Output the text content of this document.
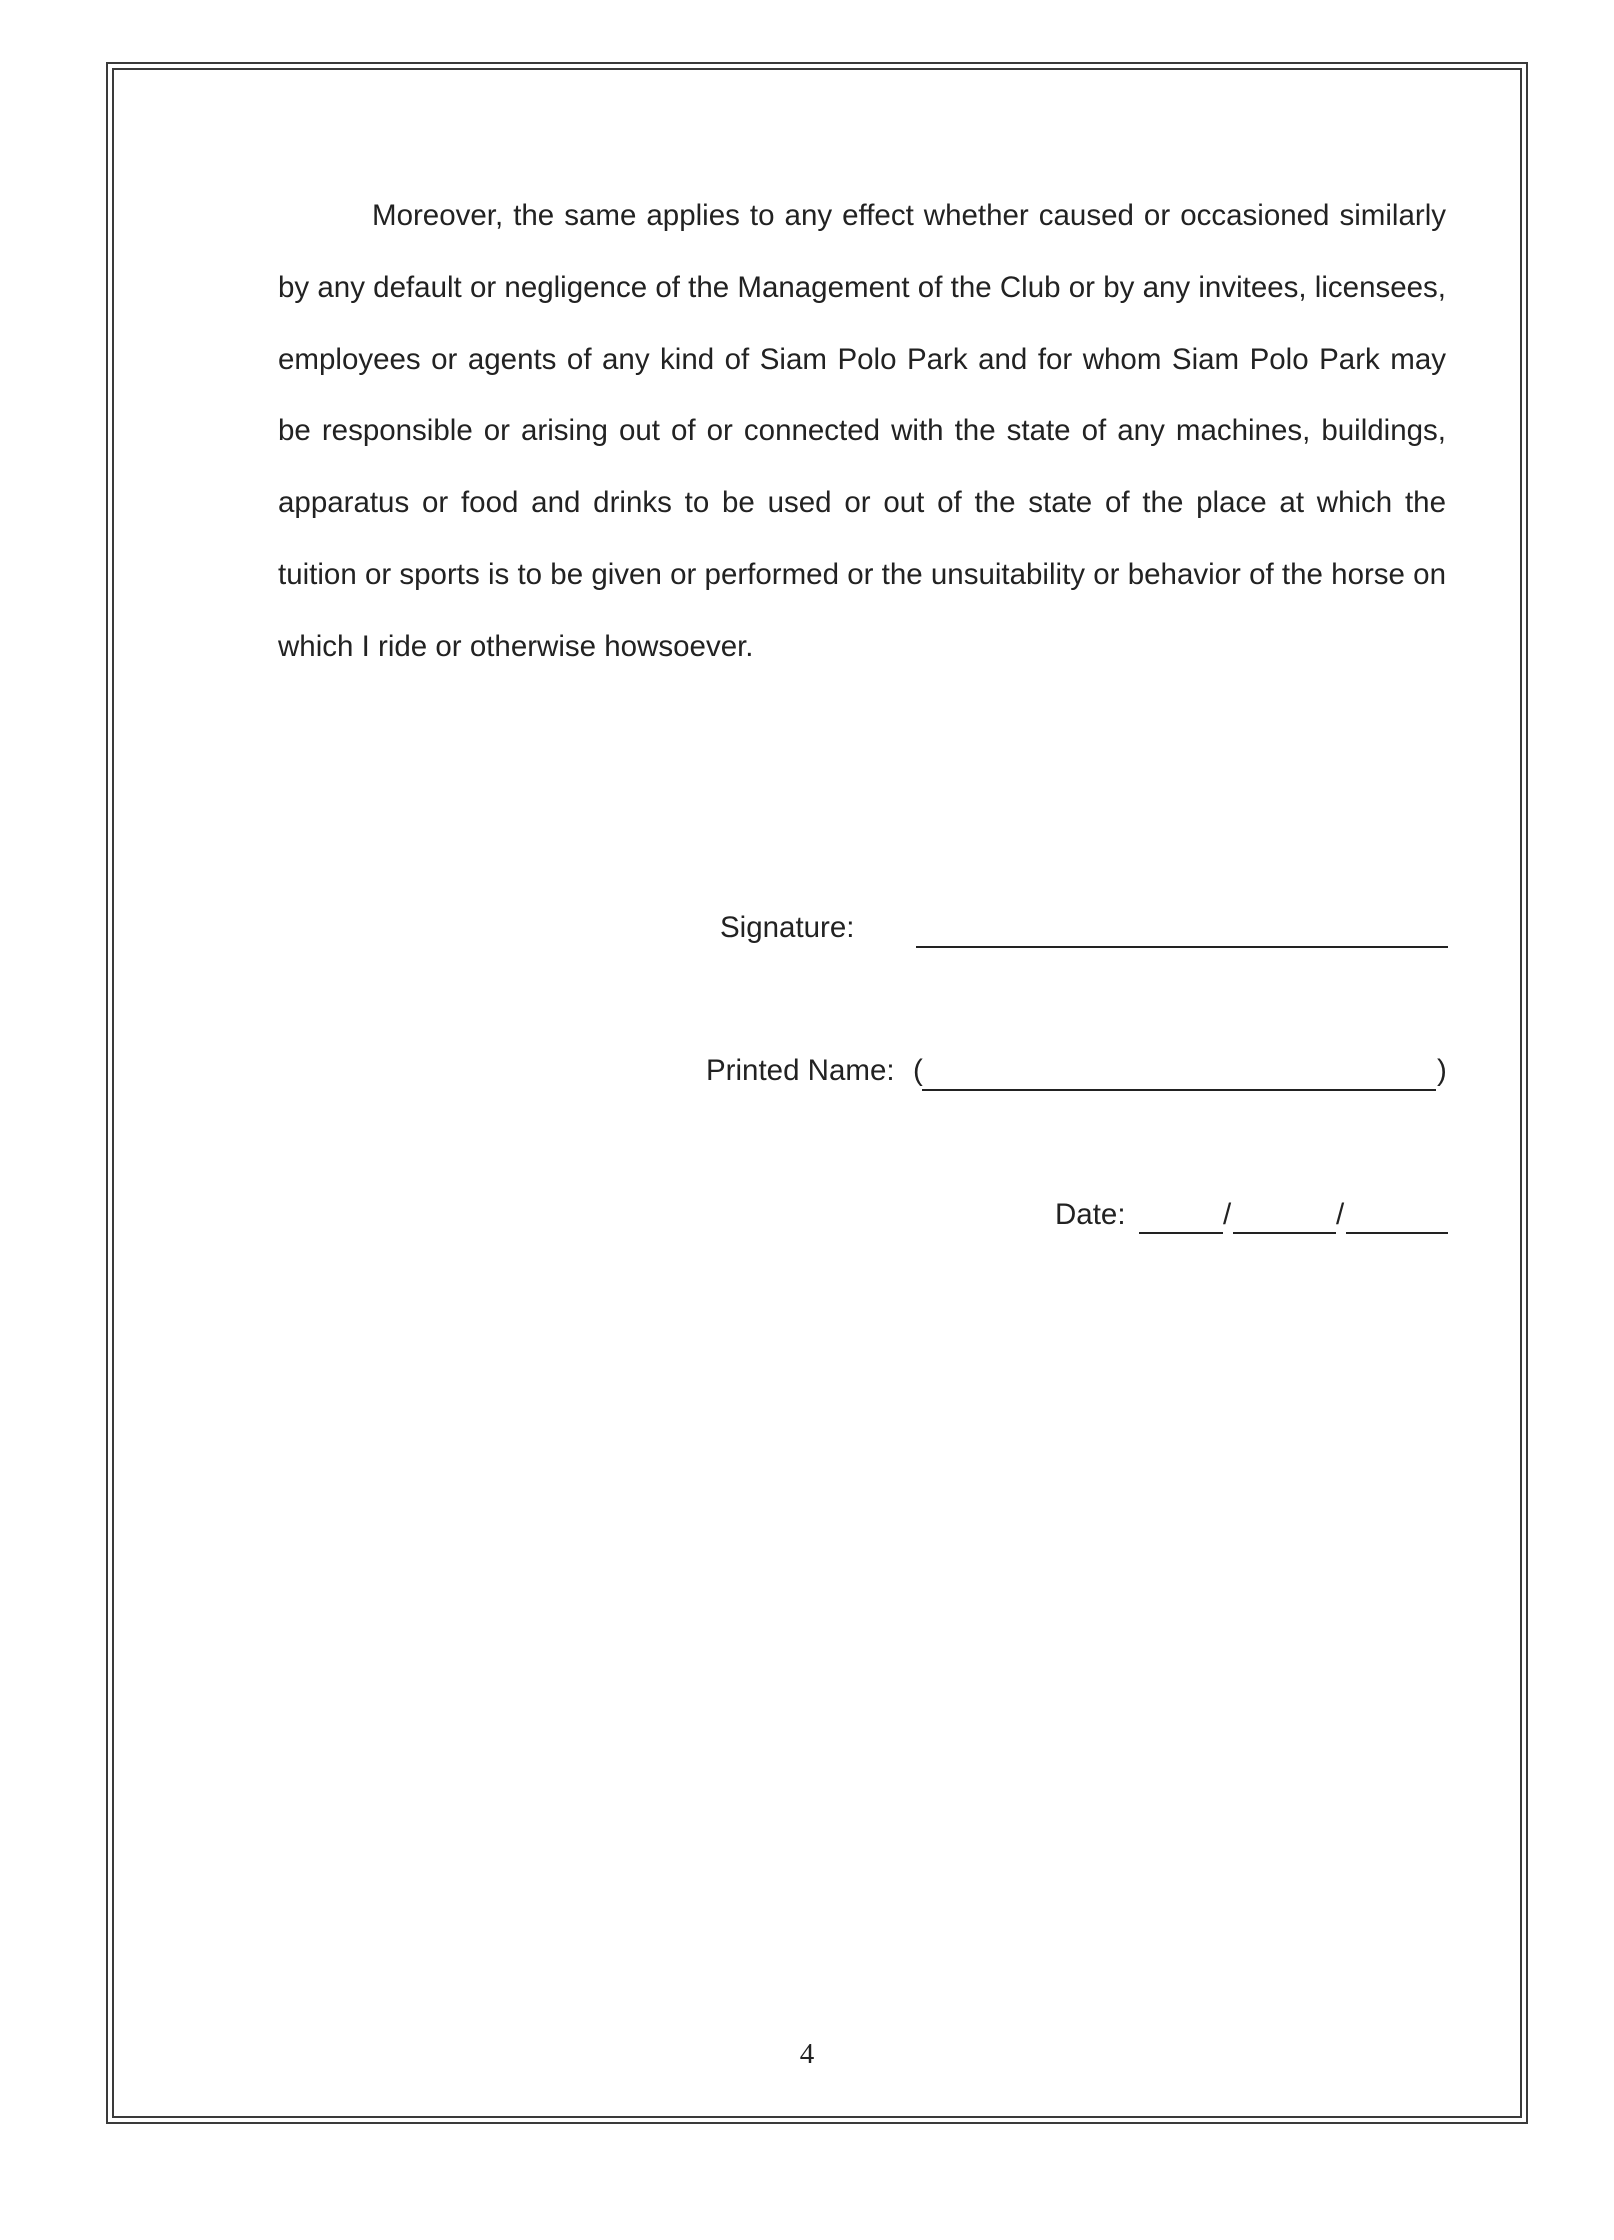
Moreover, the same applies to any effect whether caused or occasioned similarly by any default or negligence of the Management of the Club or by any invitees, licensees, employees or agents of any kind of Siam Polo Park and for whom Siam Polo Park may be responsible or arising out of or connected with the state of any machines, buildings, apparatus or food and drinks to be used or out of the state of the place at which the tuition or sports is to be given or performed or the unsuitability or behavior of the horse on which I ride or otherwise howsoever.

Signature:
Printed Name: (	)
Date:	/	/
4
